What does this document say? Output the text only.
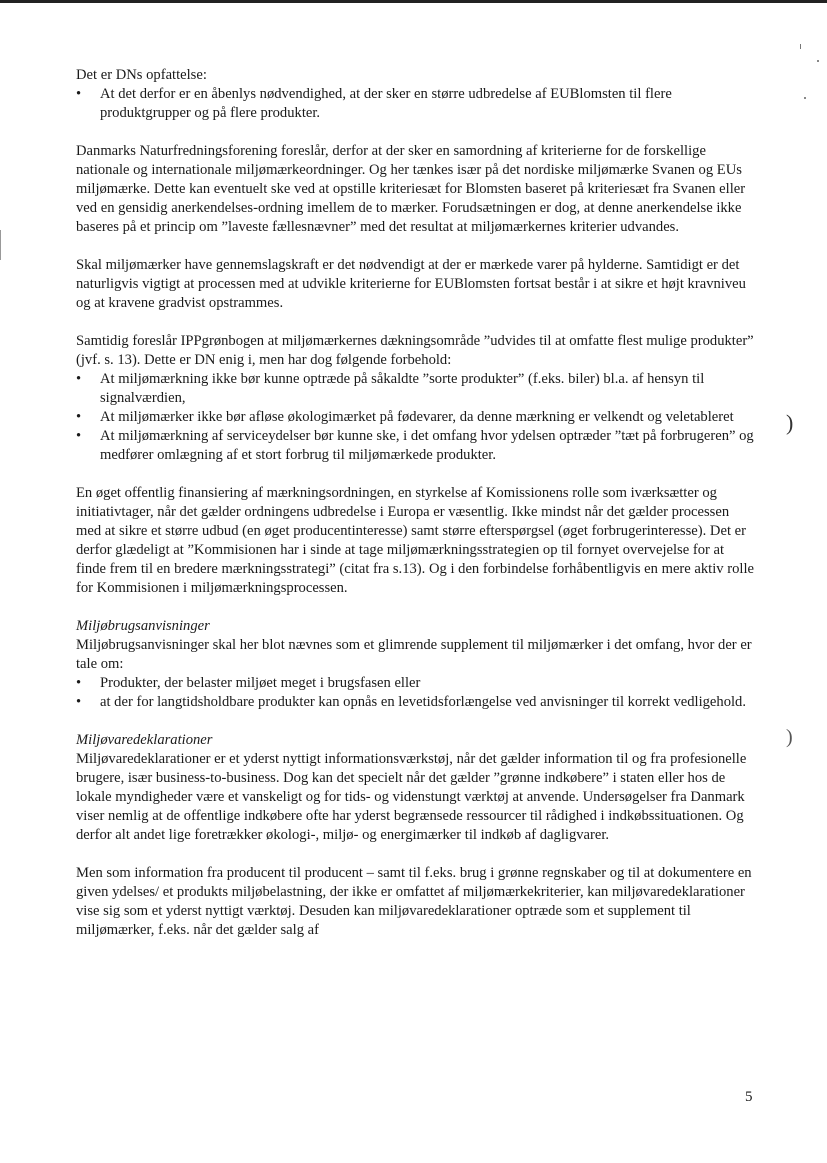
)
)

Det er DNs opfattelse:

• At det derfor er en åbenlys nødvendighed, at der sker en større udbredelse af EUBlomsten til flere produktgrupper og på flere produkter.

Danmarks Naturfredningsforening foreslår, derfor at der sker en samordning af kriterierne for de forskellige nationale og internationale miljømærkeordninger. Og her tænkes især på det nordiske miljømærke Svanen og EUs miljømærke. Dette kan eventuelt ske ved at opstille kriteriesæt for Blomsten baseret på kriteriesæt fra Svanen eller ved en gensidig anerkendelses-ordning imellem de to mærker. Forudsætningen er dog, at denne anerkendelse ikke baseres på et princip om ”laveste fællesnævner” med det resultat at miljømærkernes kriterier udvandes.

Skal miljømærker have gennemslagskraft er det nødvendigt at der er mærkede varer på hylderne. Samtidigt er det naturligvis vigtigt at processen med at udvikle kriterierne for EUBlomsten fortsat består i at sikre et højt kravniveu og at kravene gradvist opstrammes.

Samtidig foreslår IPPgrønbogen at miljømærkernes dækningsområde ”udvides til at omfatte flest mulige produkter” (jvf. s. 13). Dette er DN enig i, men har dog følgende forbehold:

• At miljømærkning ikke bør kunne optræde på såkaldte ”sorte produkter” (f.eks. biler) bl.a. af hensyn til signalværdien,
• At miljømærker ikke bør afløse økologimærket på fødevarer, da denne mærkning er velkendt og veletableret
• At miljømærkning af serviceydelser bør kunne ske, i det omfang hvor ydelsen optræder ”tæt på forbrugeren” og medfører omlægning af et stort forbrug til miljømærkede produkter.

En øget offentlig finansiering af mærkningsordningen, en styrkelse af Komissionens rolle som iværksætter og initiativtager, når det gælder ordningens udbredelse i Europa er væsentlig. Ikke mindst når det gælder processen med at sikre et større udbud (en øget producentinteresse) samt større efterspørgsel (øget forbrugerinteresse). Det er derfor glædeligt at ”Kommisionen har i sinde at tage miljømærkningsstrategien op til fornyet overvejelse for at finde frem til en bredere mærkningsstrategi” (citat fra s.13). Og i den forbindelse forhåbentligvis en mere aktiv rolle for Kommisionen i miljømærkningsprocessen.

Miljøbrugsanvisninger

Miljøbrugsanvisninger skal her blot nævnes som et glimrende supplement til miljømærker i det omfang, hvor der er tale om:

• Produkter, der belaster miljøet meget i brugsfasen eller
• at der for langtidsholdbare produkter kan opnås en levetidsforlængelse ved anvisninger til korrekt vedligehold.

Miljøvaredeklarationer

Miljøvaredeklarationer er et yderst nyttigt informationsværkstøj, når det gælder information til og fra profesionelle brugere, især business-to-business. Dog kan det specielt når det gælder ”grønne indkøbere” i staten eller hos de lokale myndigheder være et vanskeligt og for tids- og videnstungt værktøj at anvende. Undersøgelser fra Danmark viser nemlig at de offentlige indkøbere ofte har yderst begrænsede ressourcer til rådighed i indkøbssituationen. Og derfor alt andet lige foretrækker økologi-, miljø- og energimærker til indkøb af dagligvarer.

Men som information fra producent til producent – samt til f.eks. brug i grønne regnskaber og til at dokumentere en given ydelses/ et produkts miljøbelastning, der ikke er omfattet af miljømærkekriterier, kan miljøvaredeklarationer vise sig som et yderst nyttigt værktøj. Desuden kan miljøvaredeklarationer optræde som et supplement til miljømærker, f.eks. når det gælder salg af

5
